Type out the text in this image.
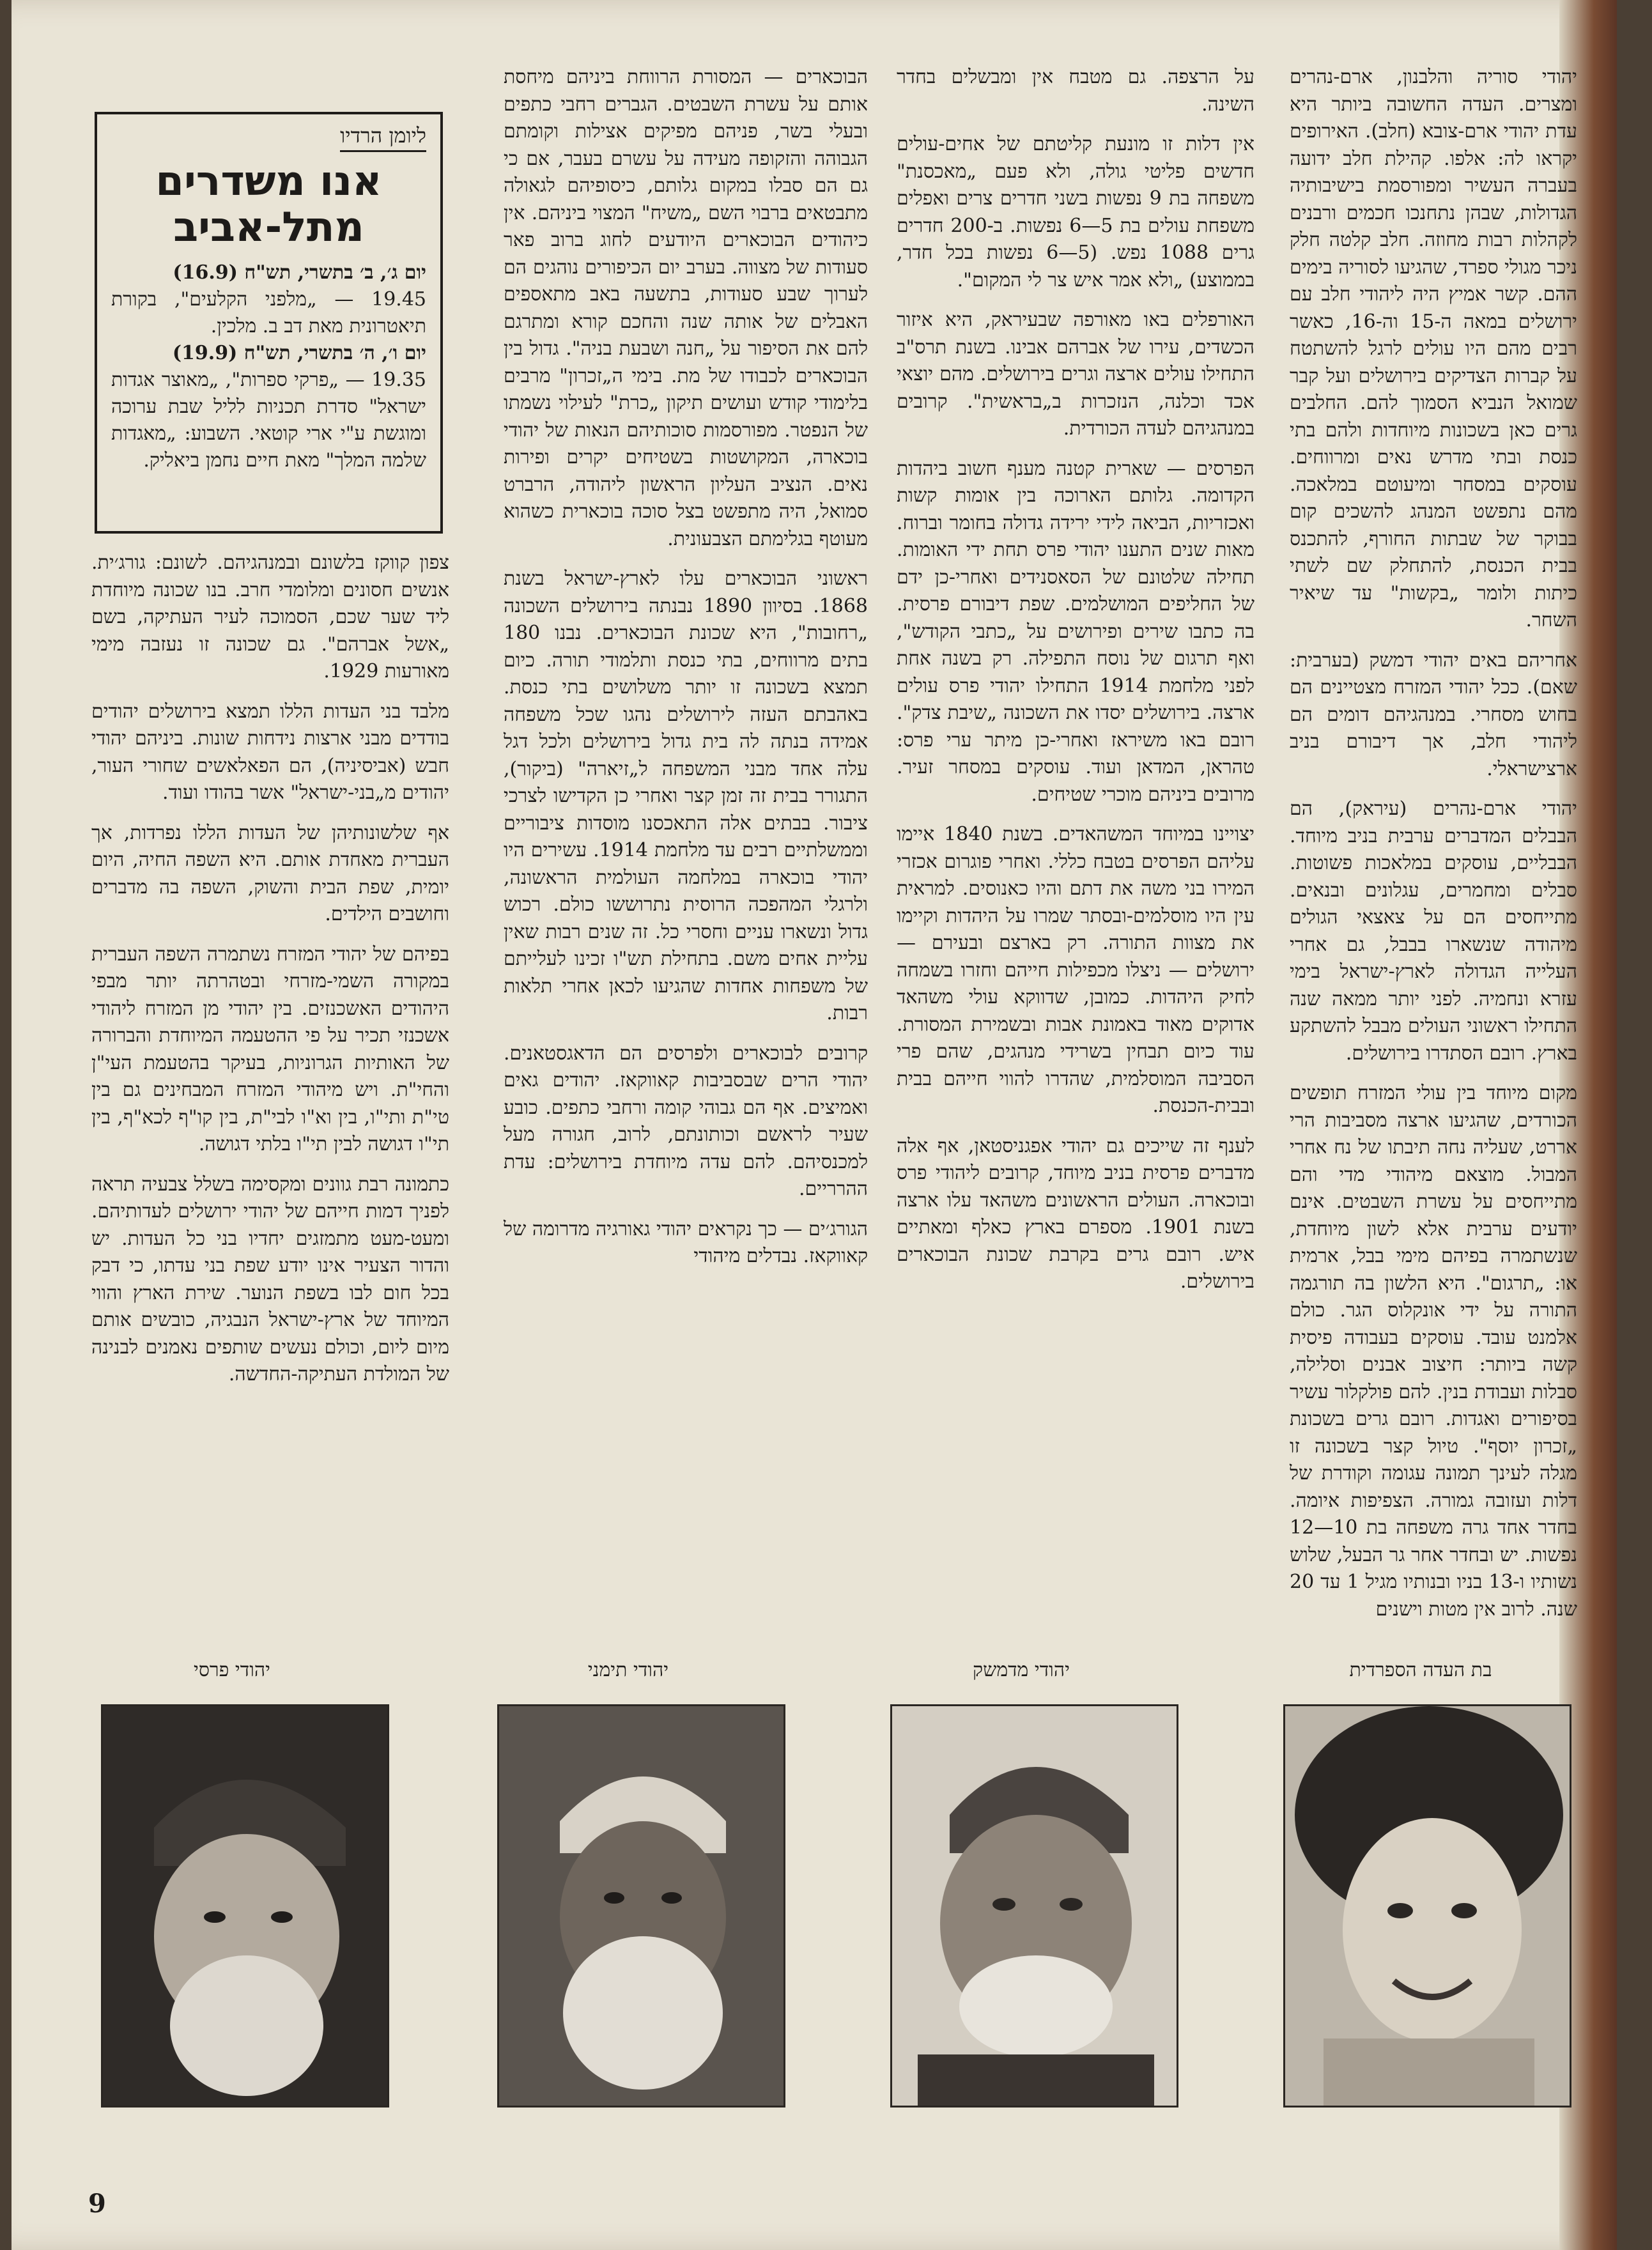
יהודי סוריה והלבנון, ארם-נהרים ומצרים. העדה החשובה ביותר היא עדת יהודי ארם-צובא (חלב). האירופים יקראו לה: אלפו. קהילת חלב ידועה בעברה העשיר ומפורסמת בישיבותיה הגדולות, שבהן נתחנכו חכמים ורבנים לקהלות רבות מחוזה. חלב קלטה חלק ניכר מגולי ספרד, שהגיעו לסוריה בימים ההם. קשר אמיץ היה ליהודי חלב עם ירושלים במאה ה-15 וה-16, כאשר רבים מהם היו עולים לרגל להשתטח על קברות הצדיקים בירושלים ועל קבר שמואל הנביא הסמוך להם. החלבים גרים כאן בשכונות מיוחדות ולהם בתי כנסת ובתי מדרש נאים ומרווחים. עוסקים במסחר ומיעוטם במלאכה. מהם נתפשט המנהג להשכים קום בבוקר של שבתות החורף, להתכנס בבית הכנסת, להתחלק שם לשתי כיתות ולומר „בקשות" עד שיאיר השחר.

אחריהם באים יהודי דמשק (בערבית: שאם). ככל יהודי המזרח מצטיינים הם בחוש מסחרי. במנהגיהם דומים הם ליהודי חלב, אך דיבורם בניב ארצישראלי.

יהודי ארם-נהרים (עיראק), הם הבבלים המדברים ערבית בניב מיוחד. הבבליים, עוסקים במלאכות פשוטות. סבלים ומחמרים, עגלונים ובנאים. מתייחסים הם על צאצאי הגולים מיהודה שנשארו בבבל, גם אחרי העלייה הגדולה לארץ-ישראל בימי עזרא ונחמיה. לפני יותר ממאה שנה התחילו ראשוני העולים מבבל להשתקע בארץ. רובם הסתדרו בירושלים.

מקום מיוחד בין עולי המזרח תופשים הכורדים, שהגיעו ארצה מסביבות הרי אררט, שעליה נחה תיבתו של נח אחרי המבול. מוצאם מיהודי מדי והם מתייחסים על עשרת השבטים. אינם יודעים ערבית אלא לשון מיוחדת, שנשתמרה בפיהם מימי בבל, ארמית או: „תרגום". היא הלשון בה תורגמה התורה על ידי אונקלוס הגר. כולם אלמנט עובד. עוסקים בעבודה פיסית קשה ביותר: חיצוב אבנים וסלילה, סבלות ועבודת בנין. להם פולקלור עשיר בסיפורים ואגדות. רובם גרים בשכונת „זכרון יוסף". טיול קצר בשכונה זו מגלה לעינך תמונה עגומה וקודרת של דלות ועזובה גמורה. הצפיפות איומה. בחדר אחד גרה משפחה בת 10—12 נפשות. יש ובחדר אחר גר הבעל, שלוש נשותיו ו-13 בניו ובנותיו מגיל 1 עד 20 שנה. לרוב אין מטות וישנים

על הרצפה. גם מטבח אין ומבשלים בחדר השינה.

אין דלות זו מונעת קליטתם של אחים-עולים חדשים פליטי גולה, ולא פעם „מאכסנת" משפחה בת 9 נפשות בשני חדרים צרים ואפלים משפחת עולים בת 5—6 נפשות. ב-200 חדרים גרים 1088 נפש. (5—6 נפשות בכל חדר, בממוצע) „ולא אמר איש צר לי המקום".

האורפלים באו מאורפה שבעיראק, היא איזור הכשדים, עירו של אברהם אבינו. בשנת תרס"ב התחילו עולים ארצה וגרים בירושלים. מהם יוצאי אכד וכלנה, הנזכרות ב„בראשית". קרובים במנהגיהם לעדה הכורדית.

הפרסים — שארית קטנה מענף חשוב ביהדות הקדומה. גלותם הארוכה בין אומות קשות ואכזריות, הביאה לידי ירידה גדולה בחומר וברוח. מאות שנים התענו יהודי פרס תחת ידי האומות. תחילה שלטונם של הסאסנידים ואחרי-כן ידם של החליפים המושלמים. שפת דיבורם פרסית. בה כתבו שירים ופירושים על „כתבי הקודש", ואף תרגום של נוסח התפילה. רק בשנה אחת לפני מלחמת 1914 התחילו יהודי פרס עולים ארצה. בירושלים יסדו את השכונה „שיבת צדק". רובם באו משיראז ואחרי-כן מיתר ערי פרס: טהראן, המדאן ועוד. עוסקים במסחר זעיר. מרובים ביניהם מוכרי שטיחים.

יצויינו במיוחד המשהאדים. בשנת 1840 איימו עליהם הפרסים בטבח כללי. ואחרי פוגרום אכזרי המירו בני משה את דתם והיו כאנוסים. למראית עין היו מוסלמים-ובסתר שמרו על היהדות וקיימו את מצוות התורה. רק בארצם ובעירם — ירושלים — ניצלו מכפילות חייהם וחזרו בשמחה לחיק היהדות. כמובן, שדווקא עולי משהאד אדוקים מאוד באמונת אבות ובשמירת המסורת. עוד כיום תבחין בשרידי מנהגים, שהם פרי הסביבה המוסלמית, שהדרו להווי חייהם בבית ובבית-הכנסת.

לענף זה שייכים גם יהודי אפגניסטאן, אף אלה מדברים פרסית בניב מיוחד, קרובים ליהודי פרס ובוכארה. העולים הראשונים משהאד עלו ארצה בשנת 1901. מספרם בארץ כאלף ומאתיים איש. רובם גרים בקרבת שכונת הבוכארים בירושלים.

הבוכארים — המסורת הרווחת ביניהם מיחסת אותם על עשרת השבטים. הגברים רחבי כתפים ובעלי בשר, פניהם מפיקים אצילות וקומתם הגבוהה והזקופה מעידה על עשרם בעבר, אם כי גם הם סבלו במקום גלותם, כיסופיהם לגאולה מתבטאים ברבוי השם „משיח" המצוי ביניהם. אין כיהודים הבוכארים היודעים לחוג ברוב פאר סעודות של מצווה. בערב יום הכיפורים נוהגים הם לערוך שבע סעודות, בתשעה באב מתאספים האבלים של אותה שנה והחכם קורא ומתרגם להם את הסיפור על „חנה ושבעת בניה". גדול בין הבוכארים לכבודו של מת. בימי ה„זכרון" מרבים בלימודי קודש ועושים תיקון „כרת" לעילוי נשמתו של הנפטר. מפורסמות סוכותיהם הנאות של יהודי בוכארה, המקושטות בשטיחים יקרים ופירות נאים. הנציב העליון הראשון ליהודה, הרברט סמואל, היה מתפשט בצל סוכה בוכארית כשהוא מעוטף בגלימתם הצבעונית.

ראשוני הבוכארים עלו לארץ-ישראל בשנת 1868. בסיוון 1890 נבנתה בירושלים השכונה „רחובות", היא שכונת הבוכארים. נבנו 180 בתים מרווחים, בתי כנסת ותלמודי תורה. כיום תמצא בשכונה זו יותר משלושים בתי כנסת. באהבתם העזה לירושלים נהגו שכל משפחה אמידה בנתה לה בית גדול בירושלים ולכל דגל עלה אחד מבני המשפחה ל„זיארה" (ביקור), התגורר בבית זה זמן קצר ואחרי כן הקדישו לצרכי ציבור. בבתים אלה התאכסנו מוסדות ציבוריים וממשלתיים רבים עד מלחמת 1914. עשירים היו יהודי בוכארה במלחמה העולמית הראשונה, ולרגלי המהפכה הרוסית נתרוששו כולם. רכוש גדול ונשארו עניים וחסרי כל. זה שנים רבות שאין עליית אחים משם. בתחילת תש"ו זכינו לעלייתם של משפחות אחדות שהגיעו לכאן אחרי תלאות רבות.

קרובים לבוכארים ולפרסים הם הדאגסטאנים. יהודי הרים שבסביבות קאווקאז. יהודים גאים ואמיצים. אף הם גבוהי קומה ורחבי כתפים. כובע שעיר לראשם וכותונתם, לרוב, חגורה מעל למכנסיהם. להם עדה מיוחדת בירושלים: עדת ההרריים.

הגורג׳ים — כך נקראים יהודי גאורגיה מדרומה של קאווקאז. נבדלים מיהודי

ליומן הרדיו
אנו משדרים
מתל-אביב
יום ג׳, ב׳ בתשרי, תש"ח (16.9)
19.45 — „מלפני הקלעים", בקורת תיאטרונית מאת דב ב. מלכין.
יום ו׳, ה׳ בתשרי, תש"ח (19.9)
19.35 — „פרקי ספרות", „מאוצר אגדות ישראל" סדרת תכניות לליל שבת ערוכה ומוגשת ע"י ארי קוטאי. השבוע: „מאגדות שלמה המלך" מאת חיים נחמן ביאליק.

צפון קווקז בלשונם ובמנהגיהם. לשונם: גורג׳ית. אנשים חסונים ומלומדי חרב. בנו שכונה מיוחדת ליד שער שכם, הסמוכה לעיר העתיקה, בשם „אשל אברהם". גם שכונה זו נעזבה מימי מאורעות 1929.

מלבד בני העדות הללו תמצא בירושלים יהודים בודדים מבני ארצות נידחות שונות. ביניהם יהודי חבש (אביסיניה), הם הפאלאשים שחורי העור, יהודים מ„בני-ישראל" אשר בהודו ועוד.

אף שלשונותיהן של העדות הללו נפרדות, אך העברית מאחדת אותם. היא השפה החיה, היום יומית, שפת הבית והשוק, השפה בה מדברים וחושבים הילדים.

בפיהם של יהודי המזרח נשתמרה השפה העברית במקורה השמי-מזרחי ובטהרתה יותר מבפי היהודים האשכנזים. בין יהודי מן המזרח ליהודי אשכנזי תכיר על פי ההטעמה המיוחדת והברורה של האותיות הגרוניות, בעיקר בהטעמת העי"ן והחי"ת. ויש מיהודי המזרח המבחינים גם בין טי"ת ותי"ו, בין וא"ו לבי"ת, בין קו"ף לכא"ף, בין תי"ו דגושה לבין תי"ו בלתי דגושה.

כתמונה רבת גוונים ומקסימה בשלל צבעיה תראה לפניך דמות חייהם של יהודי ירושלים לעדותיהם. ומעט-מעט מתמזגים יחדיו בני כל העדות. יש והדור הצעיר אינו יודע שפת בני עדתו, כי דבק בכל חום לבו בשפת הנוער. שירת הארץ והווי המיוחד של ארץ-ישראל הנבגיה, כובשים אותם מיום ליום, וכולם נעשים שותפים נאמנים לבנינה של המולדת העתיקה-החדשה.

בת העדה הספרדית
יהודי מדמשק
יהודי תימני
יהודי פרסי
9
